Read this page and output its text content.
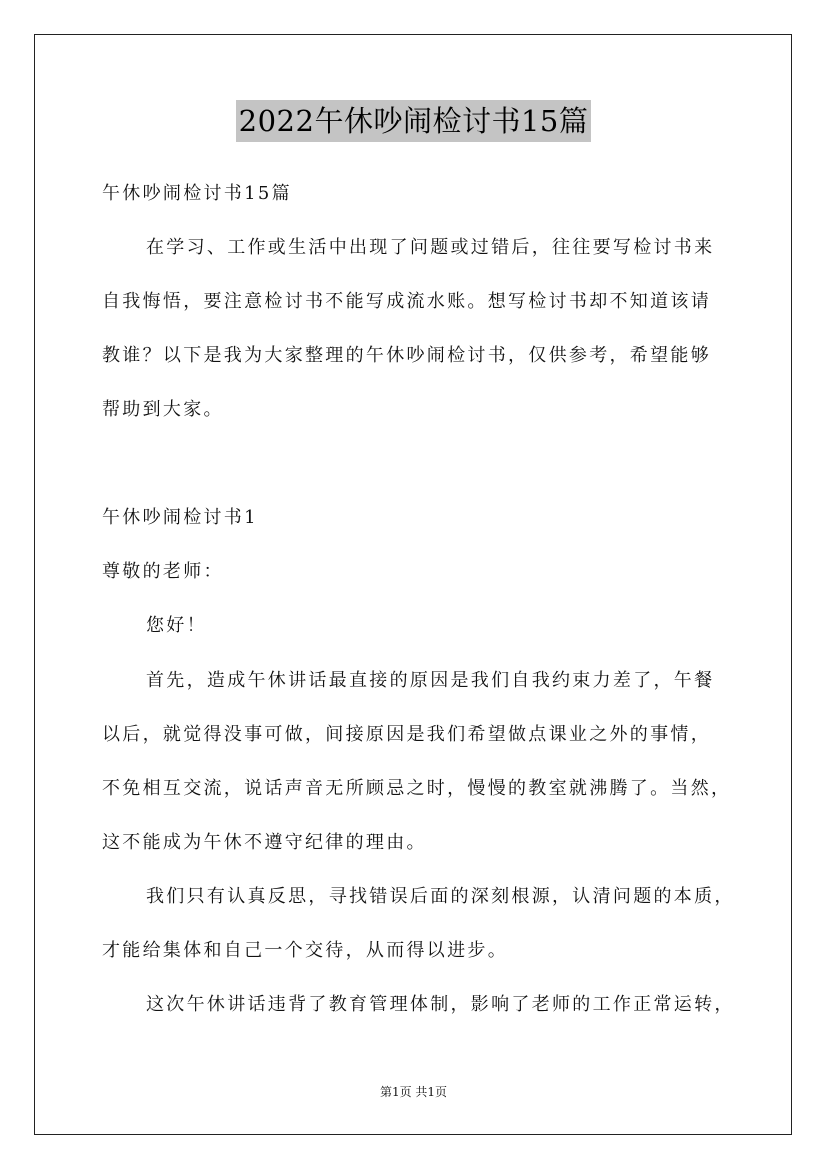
2022午休吵闹检讨书15篇
午休吵闹检讨书15篇
在学习、工作或生活中出现了问题或过错后，往往要写检讨书来
自我悔悟，要注意检讨书不能写成流水账。想写检讨书却不知道该请
教谁？以下是我为大家整理的午休吵闹检讨书，仅供参考，希望能够
帮助到大家。
午休吵闹检讨书1
尊敬的老师：
您好！
首先，造成午休讲话最直接的原因是我们自我约束力差了，午餐
以后，就觉得没事可做，间接原因是我们希望做点课业之外的事情，
不免相互交流，说话声音无所顾忌之时，慢慢的教室就沸腾了。当然，
这不能成为午休不遵守纪律的理由。
我们只有认真反思，寻找错误后面的深刻根源，认清问题的本质，
才能给集体和自己一个交待，从而得以进步。
这次午休讲话违背了教育管理体制，影响了老师的工作正常运转，
第1页 共1页
